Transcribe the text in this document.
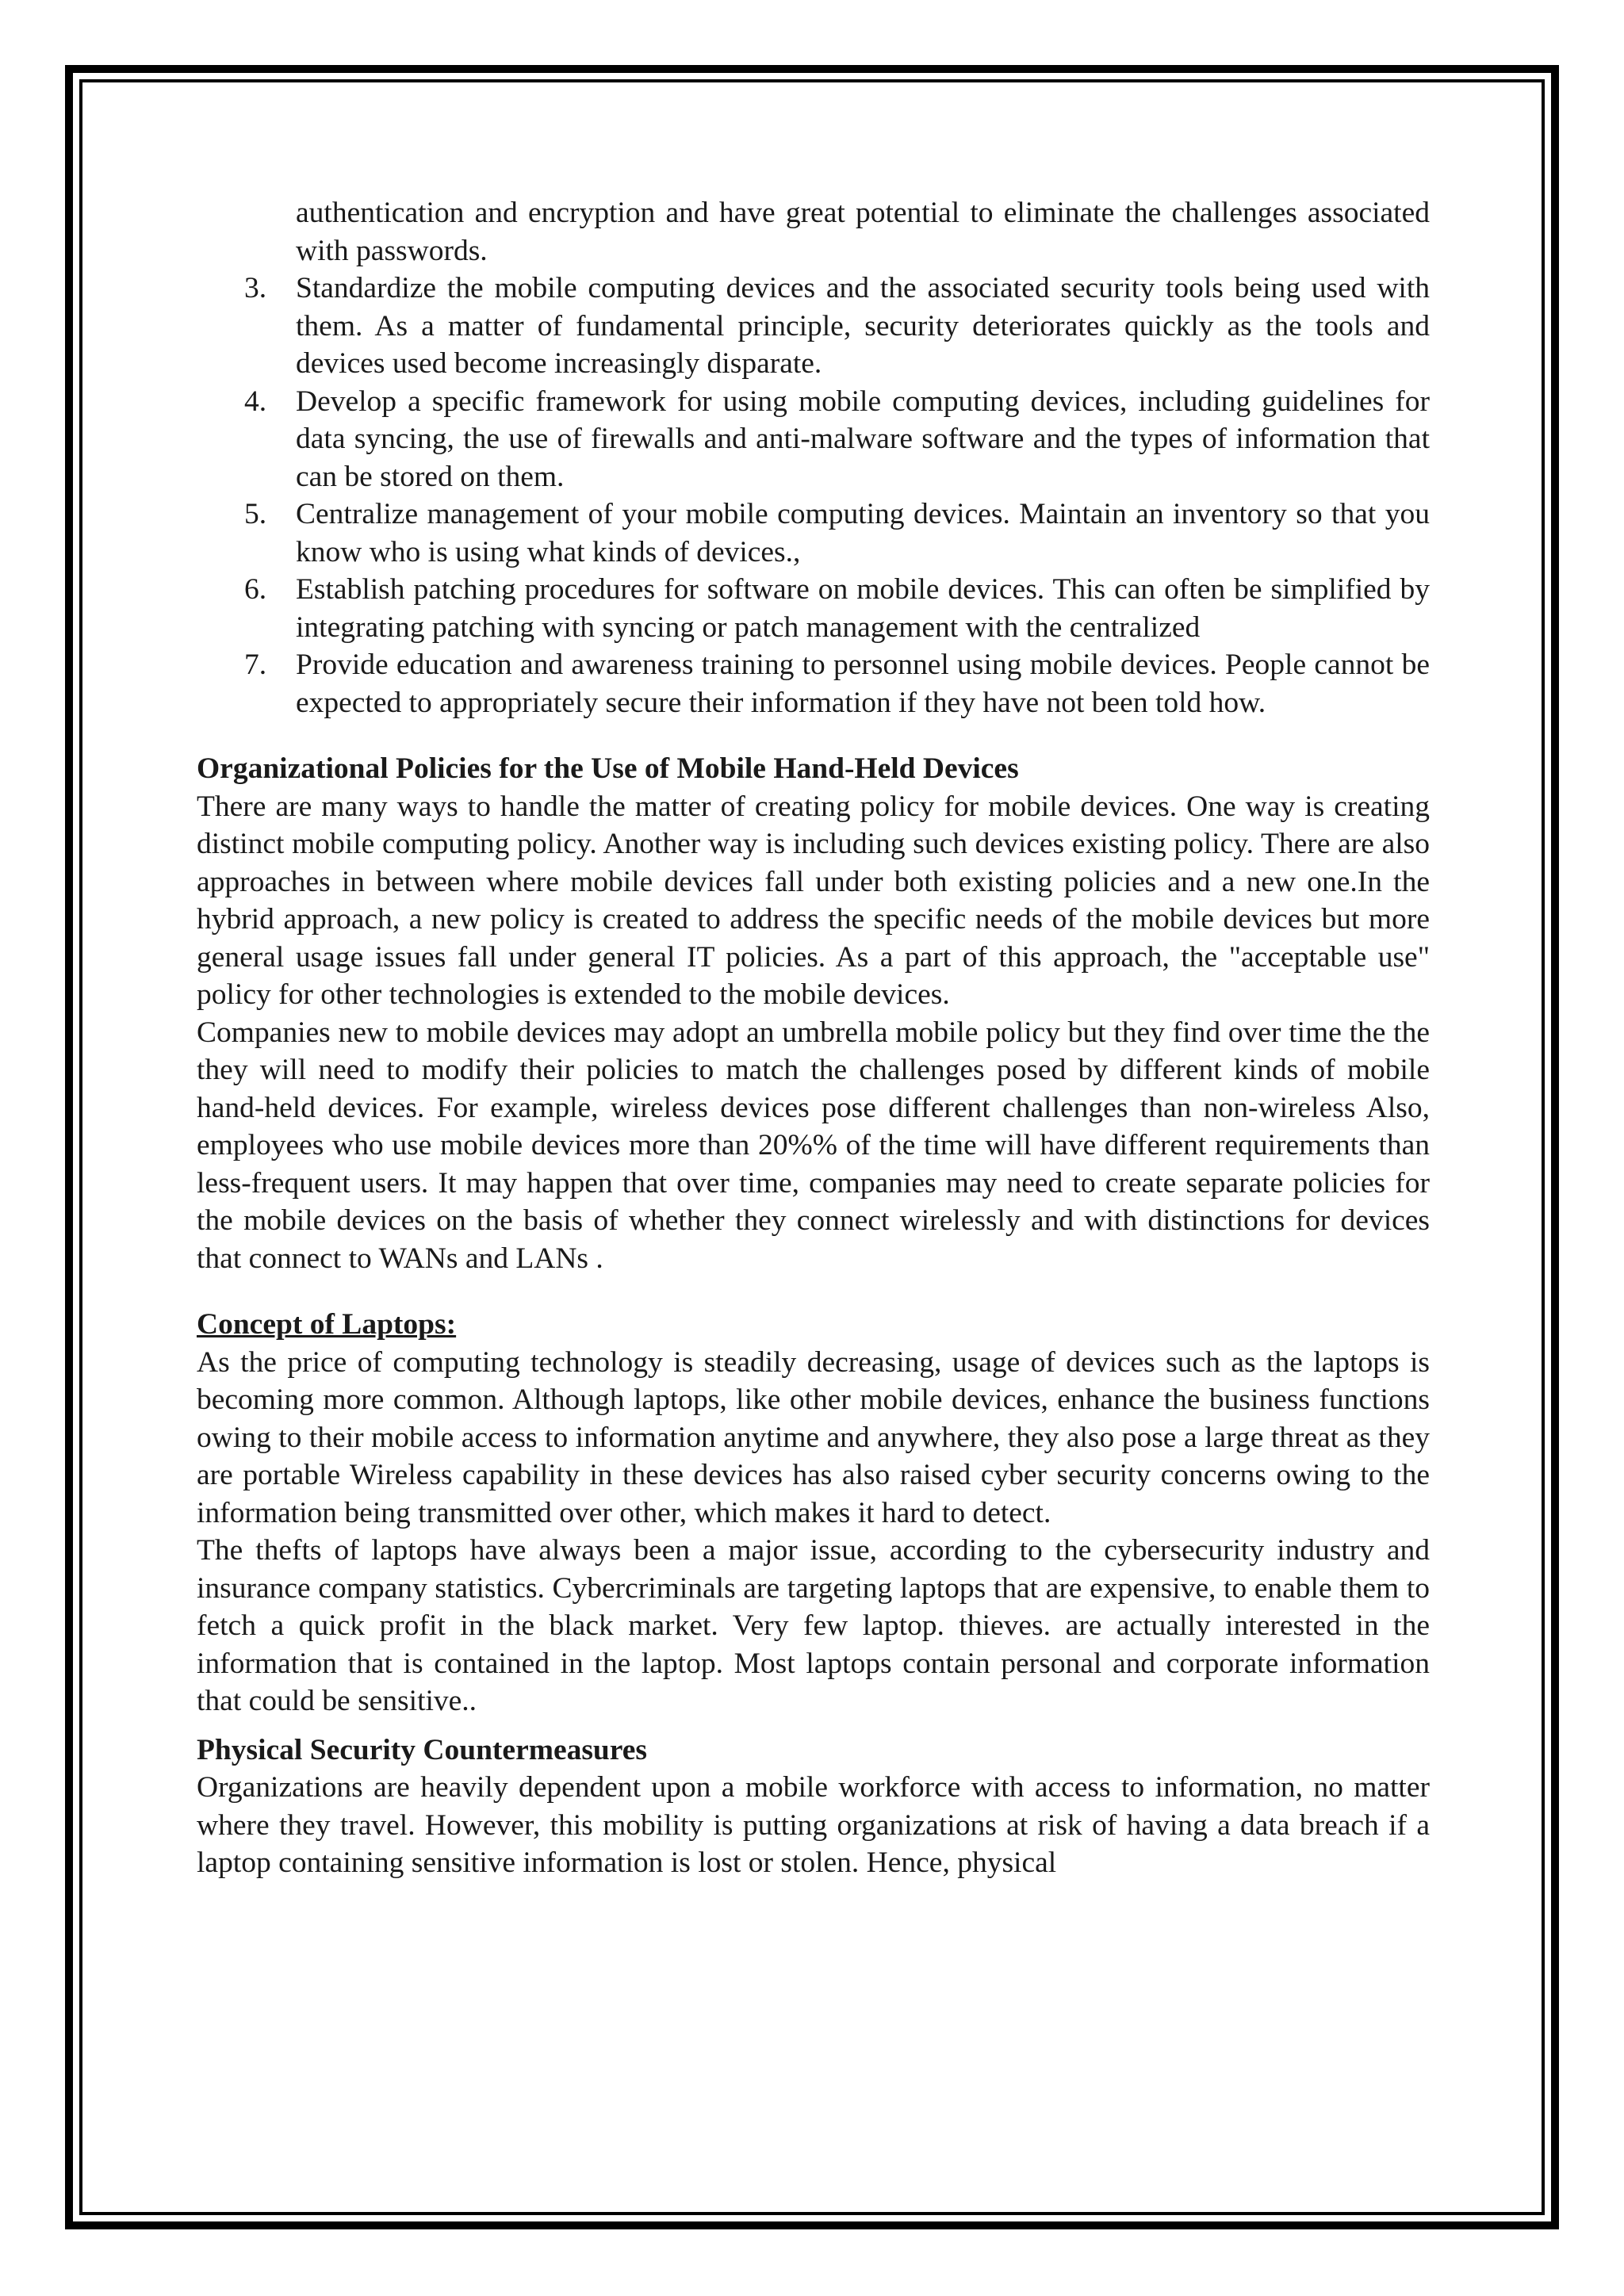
authentication and encryption and have great potential to eliminate the challenges associated with passwords.

3. Standardize the mobile computing devices and the associated security tools being used with them. As a matter of fundamental principle, security deteriorates quickly as the tools and devices used become increasingly disparate.
4. Develop a specific framework for using mobile computing devices, including guidelines for data syncing, the use of firewalls and anti-malware software and the types of information that can be stored on them.
5. Centralize management of your mobile computing devices. Maintain an inventory so that you know who is using what kinds of devices.,
6. Establish patching procedures for software on mobile devices. This can often be simplified by integrating patching with syncing or patch management with the centralized
7. Provide education and awareness training to personnel using mobile devices. People cannot be expected to appropriately secure their information if they have not been told how.

Organizational Policies for the Use of Mobile Hand-Held Devices

There are many ways to handle the matter of creating policy for mobile devices. One way is creating distinct mobile computing policy. Another way is including such devices existing policy. There are also approaches in between where mobile devices fall under both existing policies and a new one.In the hybrid approach, a new policy is created to address the specific needs of the mobile devices but more general usage issues fall under general IT policies. As a part of this approach, the "acceptable use" policy for other technologies is extended to the mobile devices.

Companies new to mobile devices may adopt an umbrella mobile policy but they find over time the the they will need to modify their policies to match the challenges posed by different kinds of mobile hand-held devices. For example, wireless devices pose different challenges than non-wireless Also, employees who use mobile devices more than 20%% of the time will have different requirements than less-frequent users. It may happen that over time, companies may need to create separate policies for the mobile devices on the basis of whether they connect wirelessly and with distinctions for devices that connect to WANs and LANs .

Concept of Laptops:

As the price of computing technology is steadily decreasing, usage of devices such as the laptops is becoming more common. Although laptops, like other mobile devices, enhance the business functions owing to their mobile access to information anytime and anywhere, they also pose a large threat as they are portable Wireless capability in these devices has also raised cyber security concerns owing to the information being transmitted over other, which makes it hard to detect.

The thefts of laptops have always been a major issue, according to the cybersecurity industry and insurance company statistics. Cybercriminals are targeting laptops that are expensive, to enable them to fetch a quick profit in the black market. Very few laptop. thieves. are actually interested in the information that is contained in the laptop. Most laptops contain personal and corporate information that could be sensitive..

Physical Security Countermeasures

Organizations are heavily dependent upon a mobile workforce with access to information, no matter where they travel. However, this mobility is putting organizations at risk of having a data breach if a laptop containing sensitive information is lost or stolen. Hence, physical
